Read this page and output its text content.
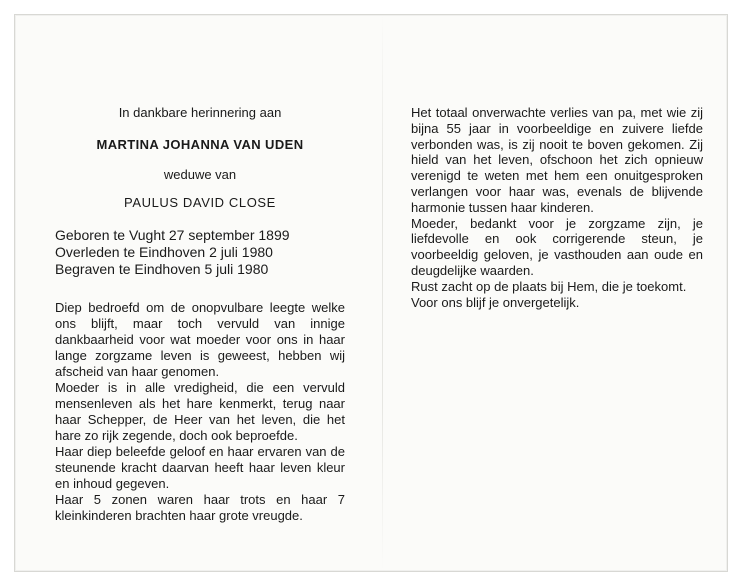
In dankbare herinnering aan

MARTINA JOHANNA VAN UDEN

weduwe van

PAULUS DAVID CLOSE

Geboren te Vught 27 september 1899

Overleden te Eindhoven 2 juli 1980

Begraven te Eindhoven 5 juli 1980

Diep bedroefd om de onopvulbare leegte welke ons blijft, maar toch vervuld van innige dankbaarheid voor wat moeder voor ons in haar lange zorgzame leven is geweest, hebben wij afscheid van haar genomen.

Moeder is in alle vredigheid, die een vervuld mensenleven als het hare kenmerkt, terug naar haar Schepper, de Heer van het leven, die het hare zo rijk zegende, doch ook beproefde.

Haar diep beleefde geloof en haar ervaren van de steunende kracht daarvan heeft haar leven kleur en inhoud gegeven.

Haar 5 zonen waren haar trots en haar 7 kleinkinderen brachten haar grote vreugde.

Het totaal onverwachte verlies van pa, met wie zij bijna 55 jaar in voorbeeldige en zuivere liefde verbonden was, is zij nooit te boven gekomen. Zij hield van het leven, ofschoon het zich opnieuw verenigd te weten met hem een onuitgesproken verlangen voor haar was, evenals de blijvende harmonie tussen haar kinderen.

Moeder, bedankt voor je zorgzame zijn, je liefdevolle en ook corrigerende steun, je voorbeeldig geloven, je vasthouden aan oude en deugdelijke waarden.

Rust zacht op de plaats bij Hem, die je toekomt.

Voor ons blijf je onvergetelijk.
